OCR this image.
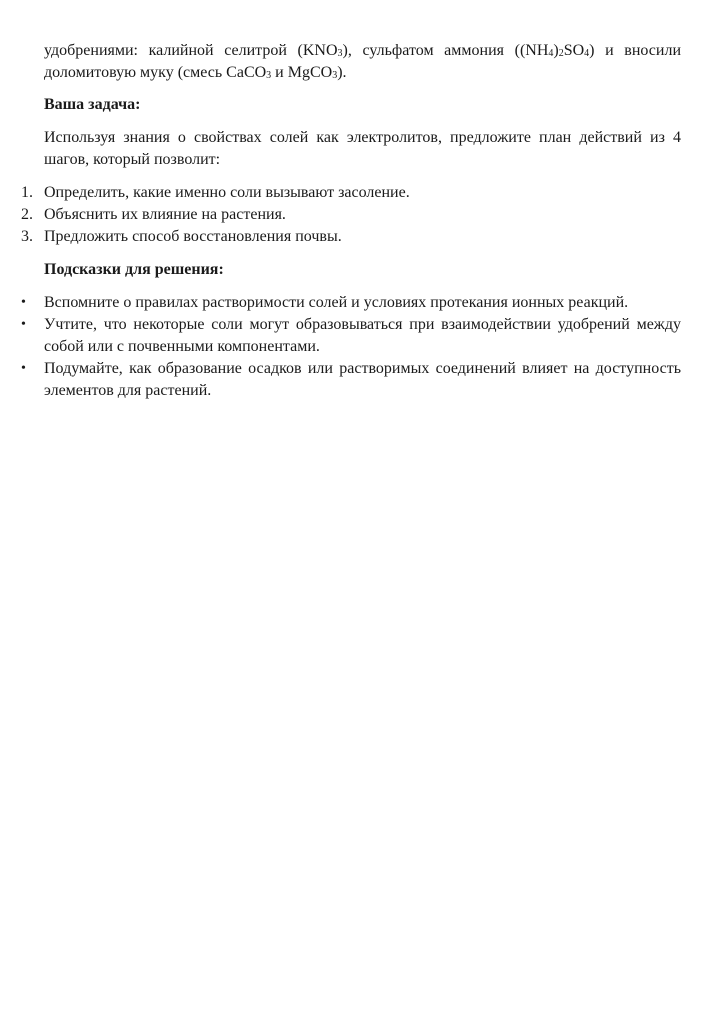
удобрениями: калийной селитрой $(KNO_3)$, сульфатом аммония $((NH_4)_2SO_4)$ и вносили

доломитовую муку (смесь CaCO$_3$ и MgCO$_3$).

Ваша задача:

Используя знания о свойствах солей как электролитов, предложите план действий из 4 шагов, который позволит:

1. Определить, какие именно соли вызывают засоление.
2. Объяснить их влияние на растения.
3. Предложить способ восстановления почвы.

Подсказки для решения:

• Вспомните о правилах растворимости солей и условиях протекания ионных реакций.
• Учтите, что некоторые соли могут образовываться при взаимодействии удобрений между собой или с почвенными компонентами.
• Подумайте, как образование осадков или растворимых соединений влияет на доступность элементов для растений.
